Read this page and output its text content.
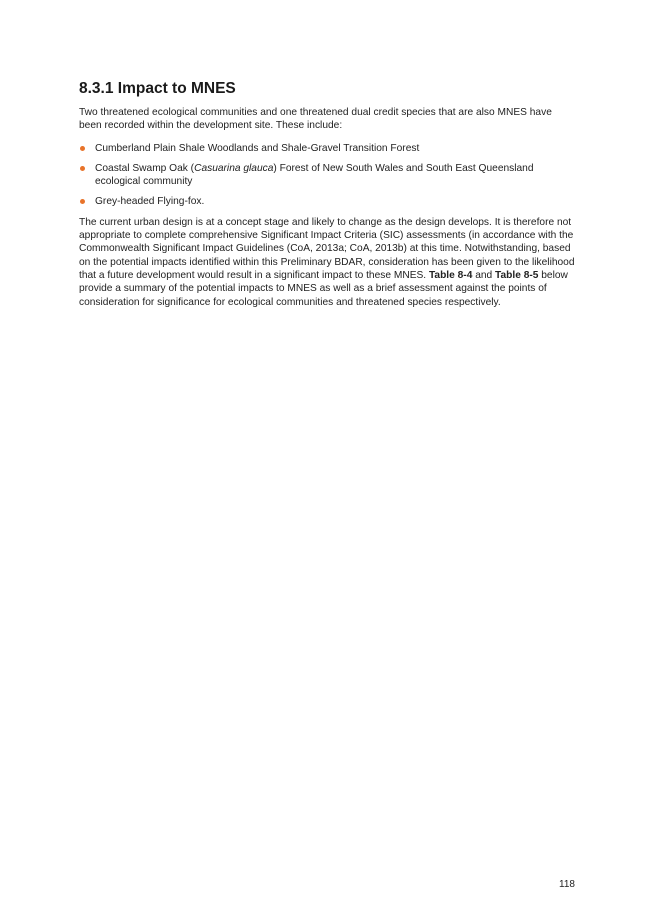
8.3.1 Impact to MNES

Two threatened ecological communities and one threatened dual credit species that are also MNES have been recorded within the development site. These include:

Cumberland Plain Shale Woodlands and Shale-Gravel Transition Forest
Coastal Swamp Oak (Casuarina glauca) Forest of New South Wales and South East Queensland ecological community
Grey-headed Flying-fox.

The current urban design is at a concept stage and likely to change as the design develops. It is therefore not appropriate to complete comprehensive Significant Impact Criteria (SIC) assessments (in accordance with the Commonwealth Significant Impact Guidelines (CoA, 2013a; CoA, 2013b) at this time. Notwithstanding, based on the potential impacts identified within this Preliminary BDAR, consideration has been given to the likelihood that a future development would result in a significant impact to these MNES. Table 8-4 and Table 8-5 below provide a summary of the potential impacts to MNES as well as a brief assessment against the points of consideration for significance for ecological communities and threatened species respectively.

118
